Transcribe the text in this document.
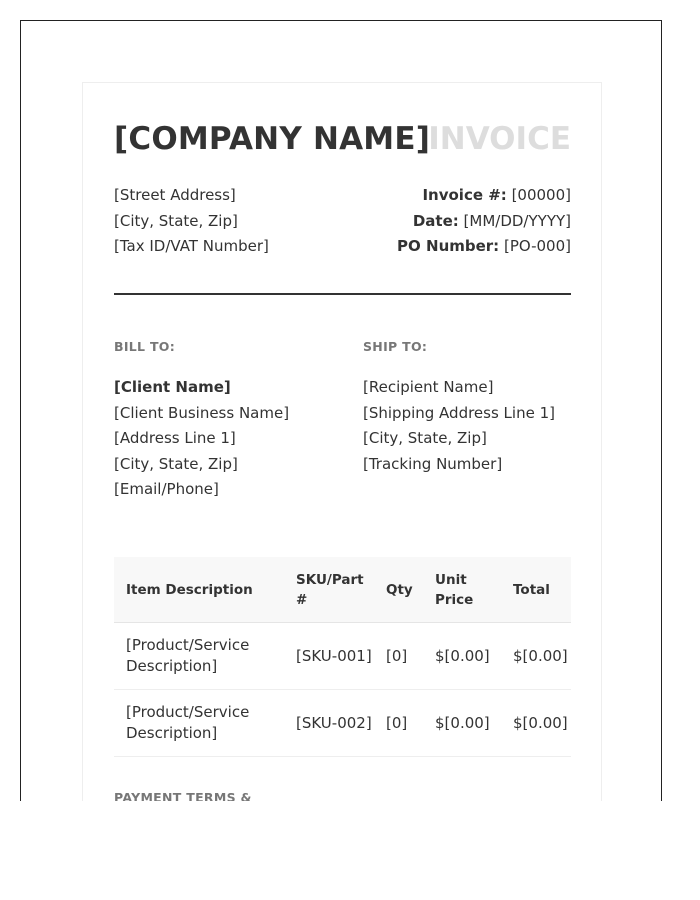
[COMPANY NAME]
INVOICE
[Street Address]
[City, State, Zip]
[Tax ID/VAT Number]
Invoice #: [00000]
Date: [MM/DD/YYYY]
PO Number: [PO-000]
BILL TO:	SHIP TO:
[Client Name]
[Client Business Name]
[Address Line 1]
[City, State, Zip]
[Email/Phone]
[Recipient Name]
[Shipping Address Line 1]
[City, State, Zip]
[Tracking Number]
Item Description	SKU/Part #	Qty	Unit Price	Total
[Product/Service Description]	[SKU-001]	[0]	$[0.00]	$[0.00]
[Product/Service Description]	[SKU-002]	[0]	$[0.00]	$[0.00]
PAYMENT TERMS &
